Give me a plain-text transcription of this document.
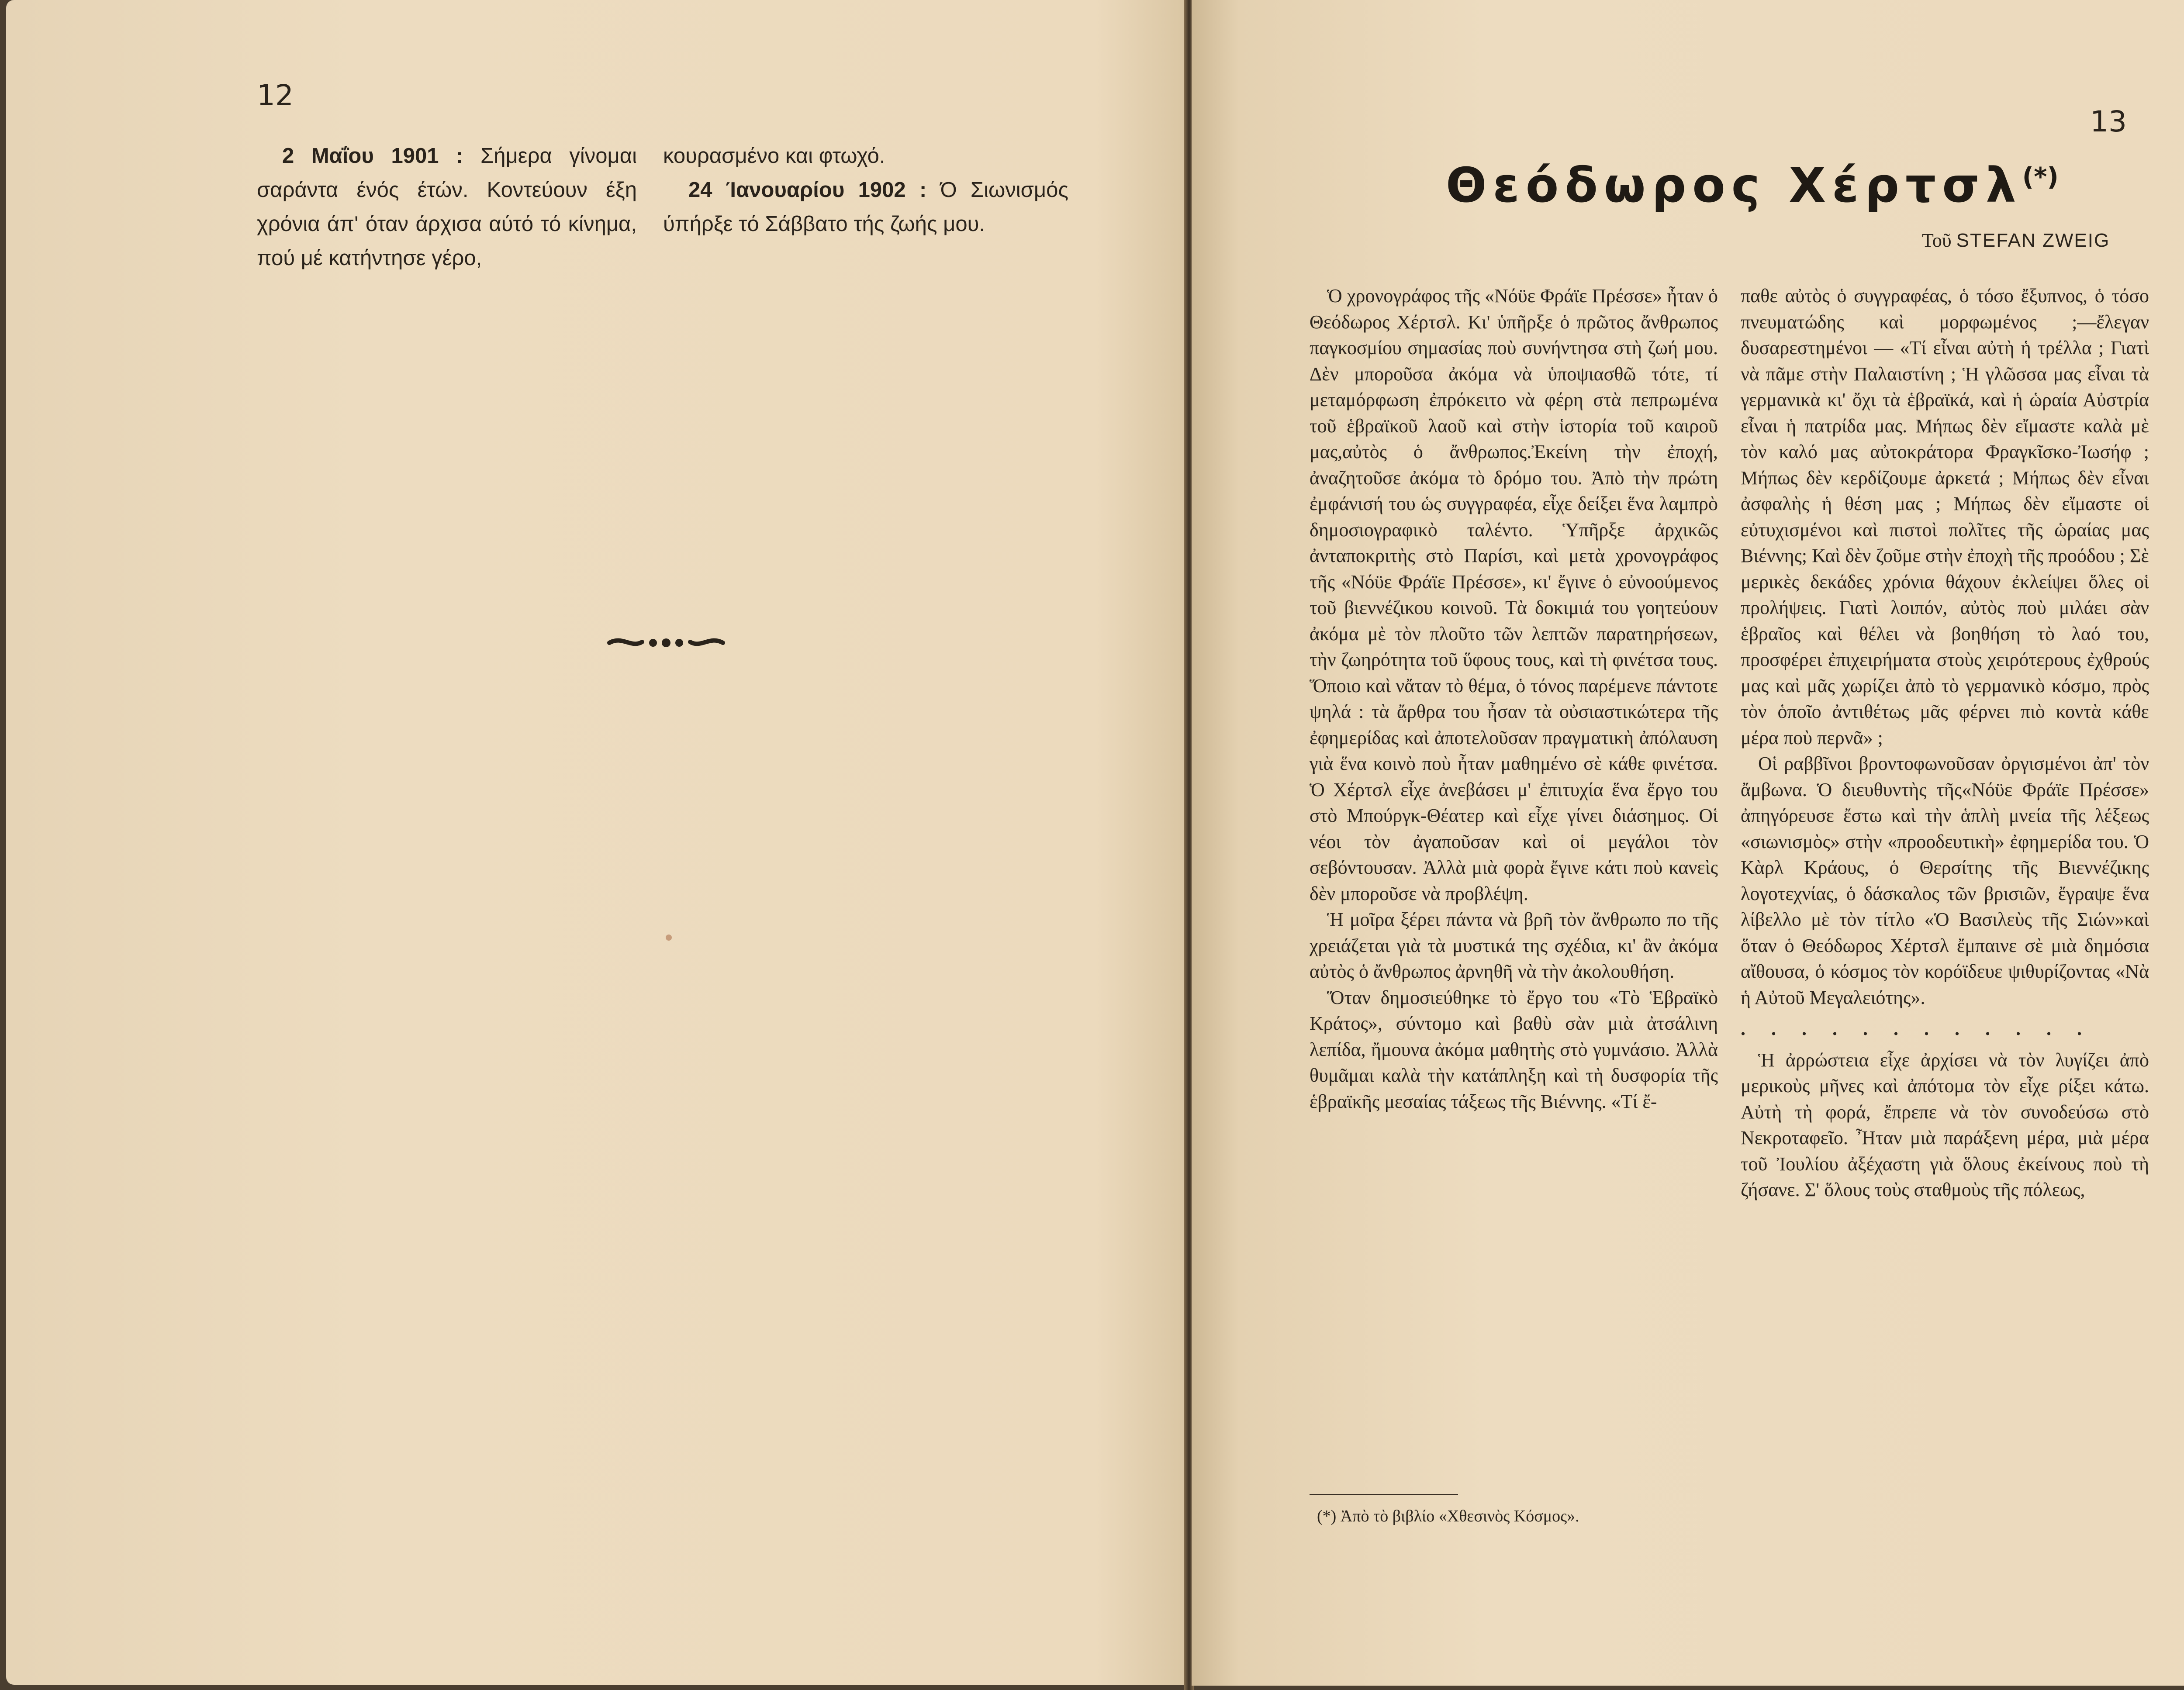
12

2 Μαΐου 1901 : Σήμερα γίνομαι σαράντα ένός έτών. Κοντεύουν έξη χρόνια άπ' όταν άρχισα αύτό τό κίνημα, πού μέ κατήντησε γέρο,

κουρασμένο και φτωχό.

24 Ίανουαρίου 1902 : Ό Σιωνισμός ύπήρξε τό Σάββατο τής ζωής μου.

13
Θεόδωρος Χέρτσλ(*)
Τοῦ STEFAN ZWEIG

Ὁ χρονογράφος τῆς «Νόϋε Φράϊε Πρέσσε» ἦταν ὁ Θεόδωρος Χέρτσλ. Κι' ὑπῆρξε ὁ πρῶτος ἄνθρωπος παγκοσμίου σημασίας ποὺ συνήντησα στὴ ζωή μου. Δὲν μποροῦσα ἀκόμα νὰ ὑποψιασθῶ τότε, τί μεταμόρφωση ἐπρόκειτο νὰ φέρη στὰ πεπρωμένα τοῦ ἑβραϊκοῦ λαοῦ καὶ στὴν ἱστορία τοῦ καιροῦ μας,αὐτὸς ὁ ἄνθρωπος.Ἐκείνη τὴν ἐποχή, ἀναζητοῦσε ἀκόμα τὸ δρόμο του. Ἀπὸ τὴν πρώτη ἐμφάνισή του ὡς συγγραφέα, εἶχε δείξει ἕνα λαμπρὸ δημοσιογραφικὸ ταλέντο. Ὑπῆρξε ἀρχικῶς ἀνταποκριτὴς στὸ Παρίσι, καὶ μετὰ χρονογράφος τῆς «Νόϋε Φράϊε Πρέσσε», κι' ἔγινε ὁ εὐνοούμενος τοῦ βιεννέζικου κοινοῦ. Τὰ δοκιμιά του γοητεύουν ἀκόμα μὲ τὸν πλοῦτο τῶν λεπτῶν παρατηρήσεων, τὴν ζωηρότητα τοῦ ὕφους τους, καὶ τὴ φινέτσα τους. Ὅποιο καὶ νἄταν τὸ θέμα, ὁ τόνος παρέμενε πάντοτε ψηλά : τὰ ἄρθρα του ἦσαν τὰ οὐσιαστικώτερα τῆς ἐφημερίδας καὶ ἀποτελοῦσαν πραγματικὴ ἀπόλαυση γιὰ ἕνα κοινὸ ποὺ ἦταν μαθημένο σὲ κάθε φινέτσα. Ὁ Χέρτσλ εἶχε ἀνεβάσει μ' ἐπιτυχία ἕνα ἔργο του στὸ Μπούργκ-Θέατερ καὶ εἶχε γίνει διάσημος. Οἱ νέοι τὸν ἀγαποῦσαν καὶ οἱ μεγάλοι τὸν σεβόντουσαν. Ἀλλὰ μιὰ φορὰ ἔγινε κάτι ποὺ κανεὶς δὲν μποροῦσε νὰ προβλέψη.

Ἡ μοῖρα ξέρει πάντα νὰ βρῆ τὸν ἄνθρωπο πο τῆς χρειάζεται γιὰ τὰ μυστικά της σχέδια, κι' ἂν ἀκόμα αὐτὸς ὁ ἄνθρωπος ἀρνηθῆ νὰ τὴν ἀκολουθήση.

Ὅταν δημοσιεύθηκε τὸ ἔργο του «Τὸ Ἑβραϊκὸ Κράτος», σύντομο καὶ βαθὺ σὰν μιὰ ἀτσάλινη λεπίδα, ἤμουνα ἀκόμα μαθητὴς στὸ γυμνάσιο. Ἀλλὰ θυμᾶμαι καλὰ τὴν κατάπληξη καὶ τὴ δυσφορία τῆς ἑβραϊκῆς μεσαίας τάξεως τῆς Βιέννης. «Τί ἔ-

παθε αὐτὸς ὁ συγγραφέας, ὁ τόσο ἔξυπνος, ὁ τόσο πνευματώδης καὶ μορφωμένος ;—ἔλεγαν δυσαρεστημένοι — «Τί εἶναι αὐτὴ ἡ τρέλλα ; Γιατὶ νὰ πᾶμε στὴν Παλαιστίνη ; Ἡ γλῶσσα μας εἶναι τὰ γερμανικὰ κι' ὄχι τὰ ἑβραϊκά, καὶ ἡ ὡραία Αὐστρία εἶναι ἡ πατρίδα μας. Μήπως δὲν εἴμαστε καλὰ μὲ τὸν καλό μας αὐτοκράτορα Φραγκῖσκο-Ἰωσήφ ; Μήπως δὲν κερδίζουμε ἀρκετά ; Μήπως δὲν εἶναι ἀσφαλὴς ἡ θέση μας ; Μήπως δὲν εἴμαστε οἱ εὐτυχισμένοι καὶ πιστοὶ πολῖτες τῆς ὡραίας μας Βιέννης; Καὶ δὲν ζοῦμε στὴν ἐποχὴ τῆς προόδου ; Σὲ μερικὲς δεκάδες χρόνια θάχουν ἐκλείψει ὅλες οἱ προλήψεις. Γιατὶ λοιπόν, αὐτὸς ποὺ μιλάει σὰν ἑβραῖος καὶ θέλει νὰ βοηθήση τὸ λαό του, προσφέρει ἐπιχειρήματα στοὺς χειρότερους ἐχθρούς μας καὶ μᾶς χωρίζει ἀπὸ τὸ γερμανικὸ κόσμο, πρὸς τὸν ὁποῖο ἀντιθέτως μᾶς φέρνει πιὸ κοντὰ κάθε μέρα ποὺ περνᾶ» ;

Οἱ ραββῖνοι βροντοφωνοῦσαν ὀργισμένοι ἀπ' τὸν ἄμβωνα. Ὁ διευθυντὴς τῆς«Νόϋε Φράϊε Πρέσσε» ἀπηγόρευσε ἔστω καὶ τὴν ἁπλὴ μνεία τῆς λέξεως «σιωνισμὸς» στὴν «προοδευτικὴ» ἐφημερίδα του. Ὁ Κὰρλ Κράους, ὁ Θερσίτης τῆς Βιεννέζικης λογοτεχνίας, ὁ δάσκαλος τῶν βρισιῶν, ἔγραψε ἕνα λίβελλο μὲ τὸν τίτλο «Ὁ Βασιλεὺς τῆς Σιών»καὶ ὅταν ὁ Θεόδωρος Χέρτσλ ἔμπαινε σὲ μιὰ δημόσια αἴθουσα, ὁ κόσμος τὸν κορόϊδευε ψιθυρίζοντας «Νὰ ἡ Αὐτοῦ Μεγαλειότης».

. . . . . . . . . . . .

Ἡ ἀρρώστεια εἶχε ἀρχίσει νὰ τὸν λυγίζει ἀπὸ μερικοὺς μῆνες καὶ ἀπότομα τὸν εἶχε ρίξει κάτω. Αὐτὴ τὴ φορά, ἔπρεπε νὰ τὸν συνοδεύσω στὸ Νεκροταφεῖο. Ἦταν μιὰ παράξενη μέρα, μιὰ μέρα τοῦ Ἰουλίου ἀξέχαστη γιὰ ὅλους ἐκείνους ποὺ τὴ ζήσανε. Σ' ὅλους τοὺς σταθμοὺς τῆς πόλεως,

(*) Ἀπὸ τὸ βιβλίο «Χθεσινὸς Κόσμος».
